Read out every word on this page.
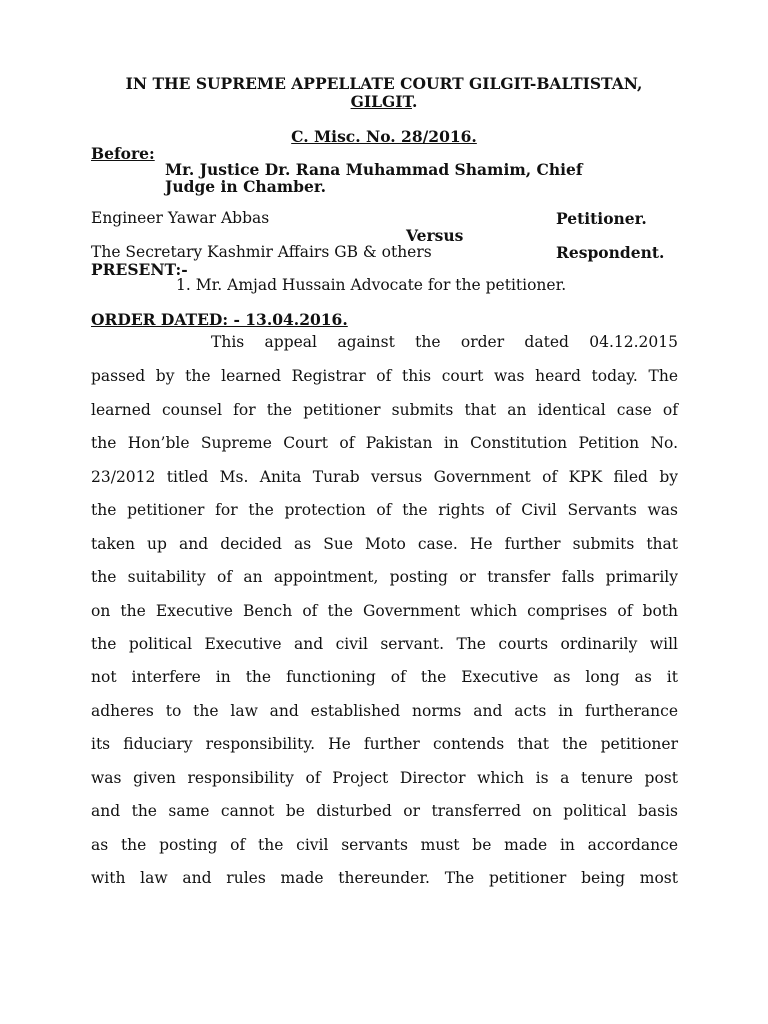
IN THE SUPREME APPELLATE COURT GILGIT-BALTISTAN,
GILGIT.
C. Misc. No. 28/2016.
Before:
Mr. Justice Dr. Rana Muhammad Shamim, Chief
Judge in Chamber.
Engineer Yawar Abbas	Petitioner.
Versus
The Secretary Kashmir Affairs GB & others	Respondent.
PRESENT:-
1. Mr. Amjad Hussain Advocate for the petitioner.
ORDER DATED: - 13.04.2016.
This appeal against the order dated 04.12.2015
passed by the learned Registrar of this court was heard today. The
learned counsel for the petitioner submits that an identical case of
the Hon’ble Supreme Court of Pakistan in Constitution Petition No.
23/2012 titled Ms. Anita Turab versus Government of KPK filed by
the petitioner for the protection of the rights of Civil Servants was
taken up and decided as Sue Moto case. He further submits that
the suitability of an appointment, posting or transfer falls primarily
on the Executive Bench of the Government which comprises of both
the political Executive and civil servant. The courts ordinarily will
not interfere in the functioning of the Executive as long as it
adheres to the law and established norms and acts in furtherance
its fiduciary responsibility. He further contends that the petitioner
was given responsibility of Project Director which is a tenure post
and the same cannot be disturbed or transferred on political basis
as the posting of the civil servants must be made in accordance
with law and rules made thereunder. The petitioner being most
